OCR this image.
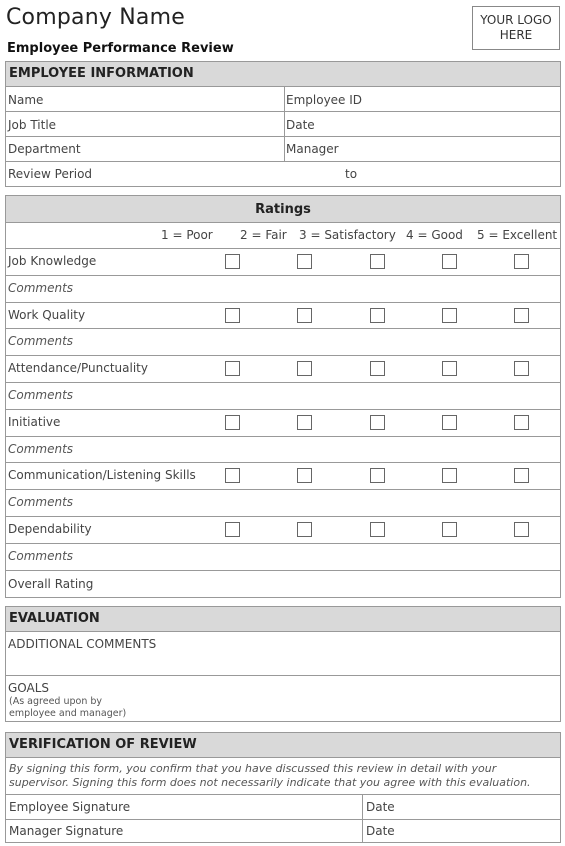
Company Name
Employee Performance Review
YOUR LOGO
HERE
EMPLOYEE INFORMATION
Name	Employee ID
Job Title	Date
Department	Manager
Review Period	to
Ratings
1 = Poor 2 = Fair 3 = Satisfactory 4 = Good 5 = Excellent
Job Knowledge
Comments
Work Quality
Comments
Attendance/Punctuality
Comments
Initiative
Comments
Communication/Listening Skills
Comments
Dependability
Comments
Overall Rating
EVALUATION
ADDITIONAL COMMENTS
GOALS
(As agreed upon by
employee and manager)
VERIFICATION OF REVIEW
By signing this form, you confirm that you have discussed this review in detail with your
supervisor. Signing this form does not necessarily indicate that you agree with this evaluation.
Employee Signature	Date
Manager Signature	Date
